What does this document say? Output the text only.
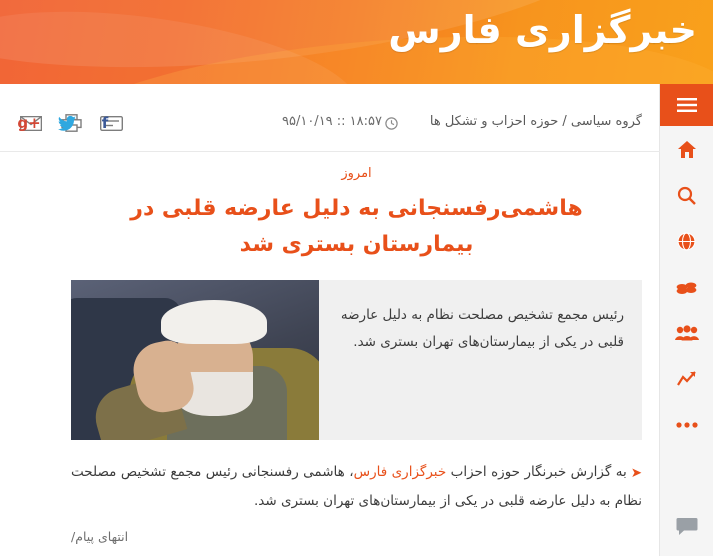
خبرگزاری فارس
گروه سیاسی / حوزه احزاب و تشکل ها
۹۵/۱۰/۱۹ :: ۱۸:۵۷
g+	f
امروز
هاشمی‌رفسنجانی به دلیل عارضه قلبی در بیمارستان بستری شد
رئیس مجمع تشخیص مصلحت نظام به دلیل عارضه قلبی در یکی از بیمارستان‌های تهران بستری شد.
➤به گزارش خبرنگار حوزه احزاب خبرگزاری فارس، هاشمی رفسنجانی رئیس مجمع تشخیص مصلحت نظام به دلیل عارضه قلبی در یکی از بیمارستان‌های تهران بستری شد.
انتهای پیام/
